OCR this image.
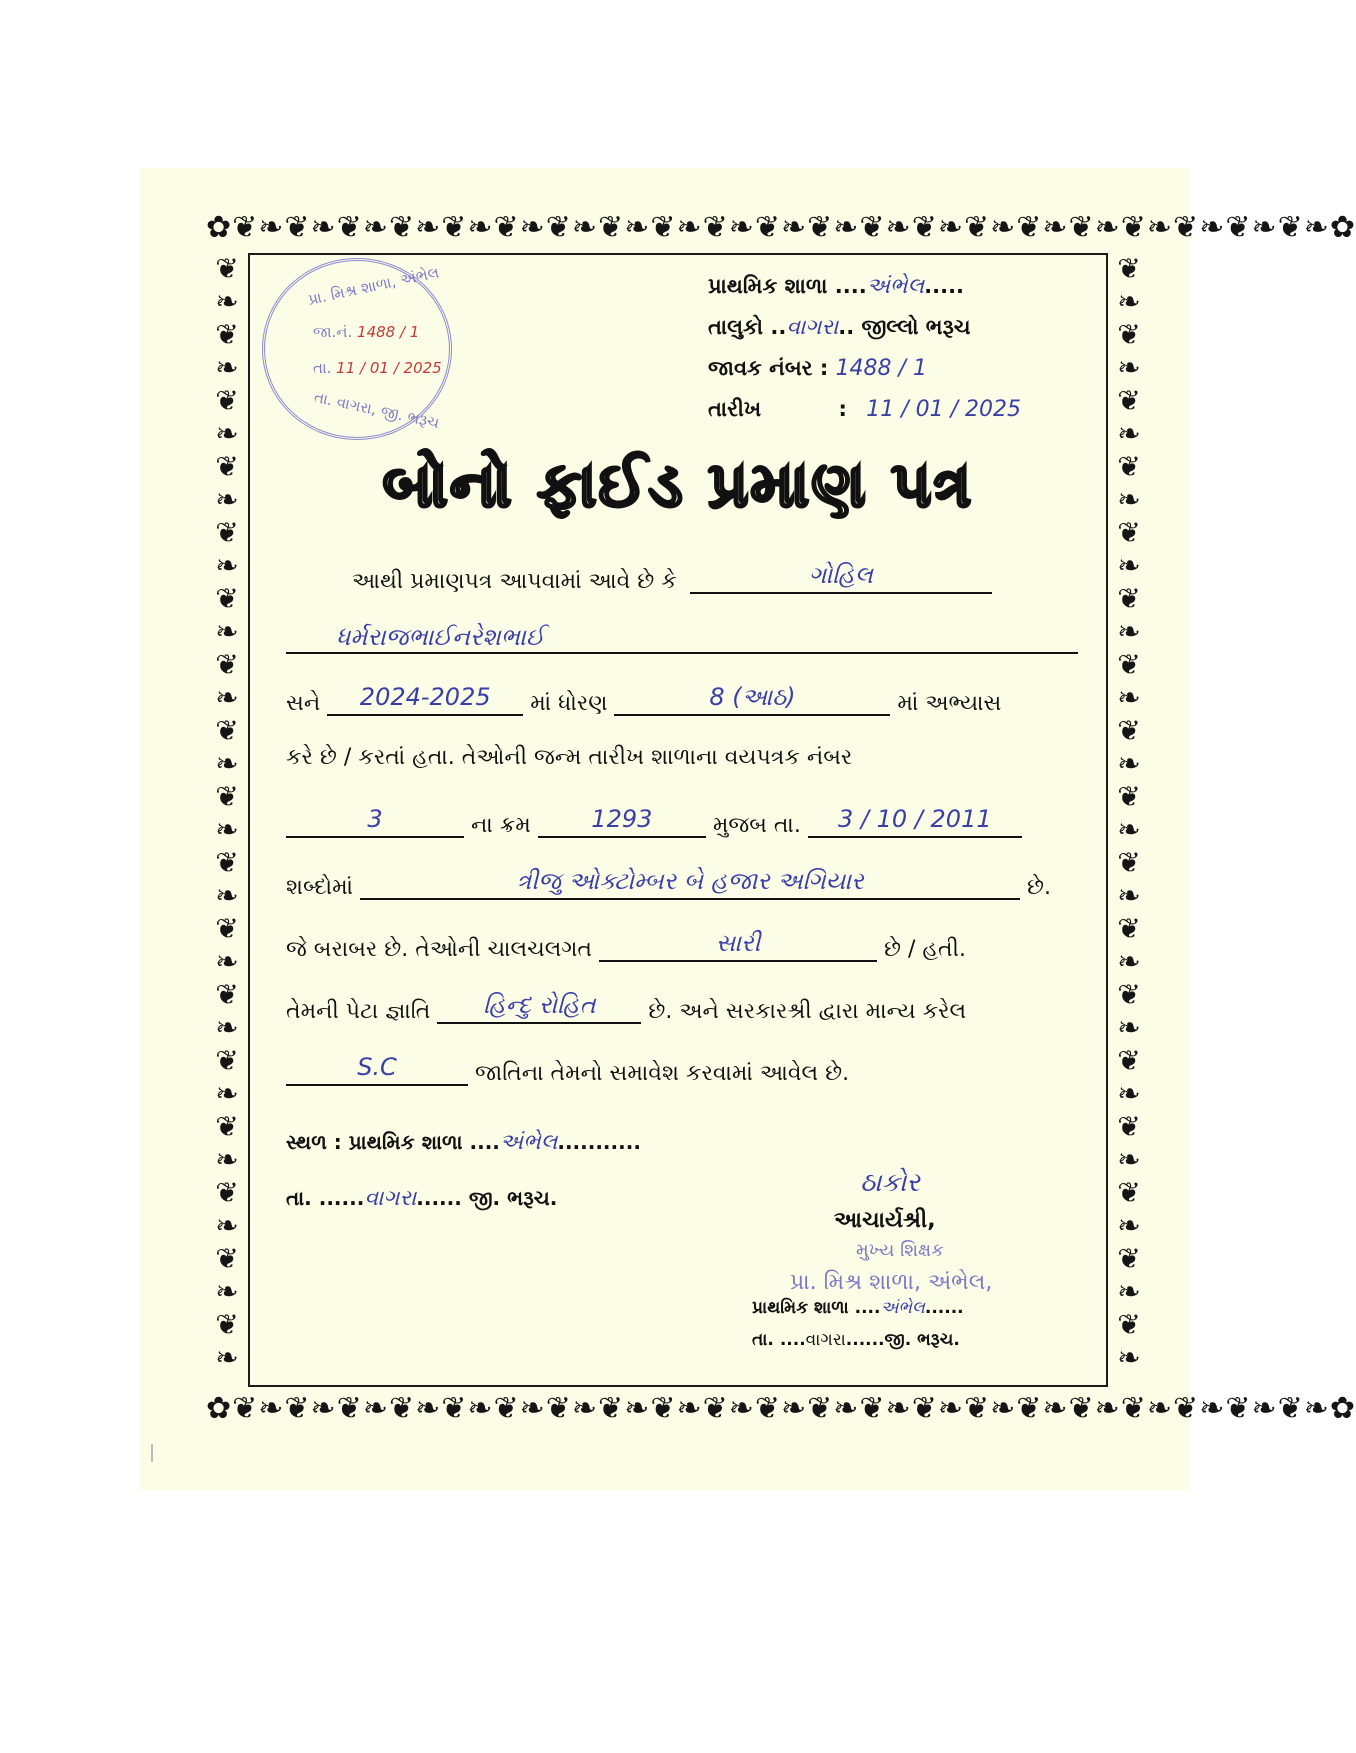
✿❦❧❦❧❦❧❦❧❦❧❦❧❦❧❦❧❦❧❦❧❦❧❦❧❦❧❦❧❦❧❦❧❦❧❦❧❦❧❦❧❦❧✿
✿❦❧❦❧❦❧❦❧❦❧❦❧❦❧❦❧❦❧❦❧❦❧❦❧❦❧❦❧❦❧❦❧❦❧❦❧❦❧❦❧❦❧✿
❦
❧
❦
❧
❦
❧
❦
❧
❦
❧
❦
❧
❦
❧
❦
❧
❦
❧
❦
❧
❦
❧
❦
❧
❦
❧
❦
❧
❦
❧
❦
❧
❦
❧
❦
❧
❦
❧
❦
❧
❦
❧
❦
❧
❦
❧
❦
❧
❦
❧
❦
❧
❦
❧
❦
❧
❦
❧
❦
❧
❦
❧
❦
❧
❦
❧
❦
❧
પ્રા. મિશ્ર શાળા, અંભેલ
જા.નં. 1488 / 1
તા. 11 / 01 / 2025
તા. વાગરા, જી. ભરૂચ
પ્રાથમિક શાળા ....અંભેલ.....
તાલુકો ..વાગરા.. જીલ્લો ભરૂચ
જાવક નંબર : 1488 / 1
તારીખ	: 11 / 01 / 2025
બોનો ફાઈડ પ્રમાણ પત્ર
આથી પ્રમાણપત્ર આપવામાં આવે છે કે	ગોહિલ
ધર્મરાજભાઈનરેશભાઈ
સને 2024-2025 માં ધોરણ	8 (આઠ)	માં અભ્યાસ
કરે છે / કરતાં હતા. તેઓની જન્મ તારીખ શાળાના વયપત્રક નંબર
3	ના ક્રમ	1293	મુજબ તા. 3 / 10 / 2011
શબ્દોમાં	ત્રીજુ ઓક્ટોમ્બર બે હજાર અગિયાર	છે.
જે બરાબર છે. તેઓની ચાલચલગત	સારી	છે / હતી.
તેમની પેટા જ્ઞાતિ હિન્દુ રોહિત છે. અને સરકારશ્રી દ્વારા માન્ય કરેલ
S.C	જાતિના તેમનો સમાવેશ કરવામાં આવેલ છે.
સ્થળ : પ્રાથમિક શાળા ....અંભેલ...........
તા. ......વાગરા...... જી. ભરૂચ.	ઠાકોર
આચાર્યશ્રી,
મુખ્ય શિક્ષક
પ્રા. મિશ્ર શાળા, અંભેલ,
પ્રાથમિક શાળા ....અંભેલ......
તા. ....વાગરા......જી. ભરૂચ.
